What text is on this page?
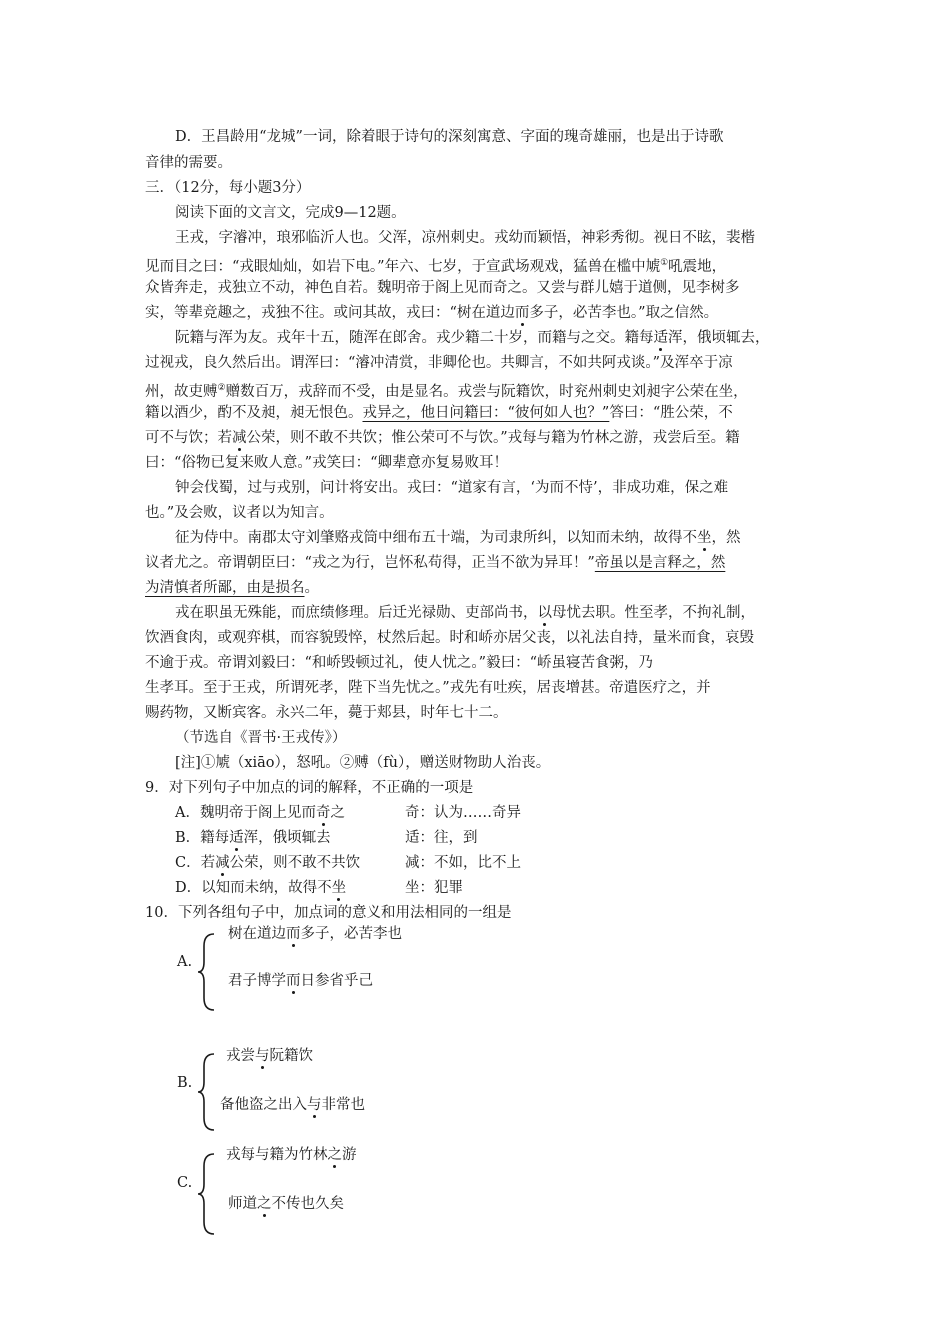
D．王昌龄用“龙城”一词，除着眼于诗句的深刻寓意、字面的瑰奇雄丽，也是出于诗歌
音律的需要。
三．（12分，每小题3分）
阅读下面的文言文，完成9—12题。
王戎，字濬冲，琅邪临沂人也。父浑，凉州刺史。戎幼而颖悟，神彩秀彻。视日不眩，裴楷
见而目之曰：“戎眼灿灿，如岩下电。”年六、七岁，于宣武场观戏，猛兽在槛中虓①吼震地，
众皆奔走，戎独立不动，神色自若。魏明帝于阁上见而奇之。又尝与群儿嬉于道侧，见李树多
实，等辈竞趣之，戎独不往。或问其故，戎曰：“树在道边而多子，必苦李也。”取之信然。
阮籍与浑为友。戎年十五，随浑在郎舍。戎少籍二十岁，而籍与之交。籍每适浑，俄顷辄去，
过视戎，良久然后出。谓浑曰：“濬冲清赏，非卿伦也。共卿言，不如共阿戎谈。”及浑卒于凉
州，故吏赙②赠数百万，戎辞而不受，由是显名。戎尝与阮籍饮，时兖州刺史刘昶字公荣在坐，
籍以酒少，酌不及昶，昶无恨色。戎异之，他日问籍曰：“彼何如人也？”答曰：“胜公荣，不
可不与饮；若减公荣，则不敢不共饮；惟公荣可不与饮。”戎每与籍为竹林之游，戎尝后至。籍
曰：“俗物已复来败人意。”戎笑曰：“卿辈意亦复易败耳！
钟会伐蜀，过与戎别，问计将安出。戎曰：“道家有言，‘为而不恃’，非成功难，保之难
也。”及会败，议者以为知言。
征为侍中。南郡太守刘肇赂戎筒中细布五十端，为司隶所纠，以知而未纳，故得不坐，然
议者尤之。帝谓朝臣曰：“戎之为行，岂怀私苟得，正当不欲为异耳！”帝虽以是言释之，然
为清慎者所鄙，由是损名。
戎在职虽无殊能，而庶绩修理。后迁光禄勋、吏部尚书，以母忧去职。性至孝，不拘礼制，
饮酒食肉，或观弈棋，而容貌毁悴，杖然后起。时和峤亦居父丧，以礼法自持，量米而食，哀毁
不逾于戎。帝谓刘毅曰：“和峤毁顿过礼，使人忧之。”毅曰：“峤虽寝苦食粥，乃
生孝耳。至于王戎，所谓死孝，陛下当先忧之。”戎先有吐疾，居丧增甚。帝遣医疗之，并
赐药物，又断宾客。永兴二年，薨于郏县，时年七十二。
（节选自《晋书·王戎传》）
[注]①虓（xiāo），怒吼。②赙（fù），赠送财物助人治丧。
9．对下列句子中加点的词的解释，不正确的一项是
A．魏明帝于阁上见而奇之	奇：认为……奇异
B．籍每适浑，俄顷辄去	适：往，到
C．若减公荣，则不敢不共饮	减：不如，比不上
D．以知而未纳，故得不坐	坐：犯罪
10．下列各组句子中，加点词的意义和用法相同的一组是
树在道边而多子，必苦李也
A.
君子博学而日参省乎己
戎尝与阮籍饮
B.
备他盗之出入与非常也
戎每与籍为竹林之游
C.
师道之不传也久矣
